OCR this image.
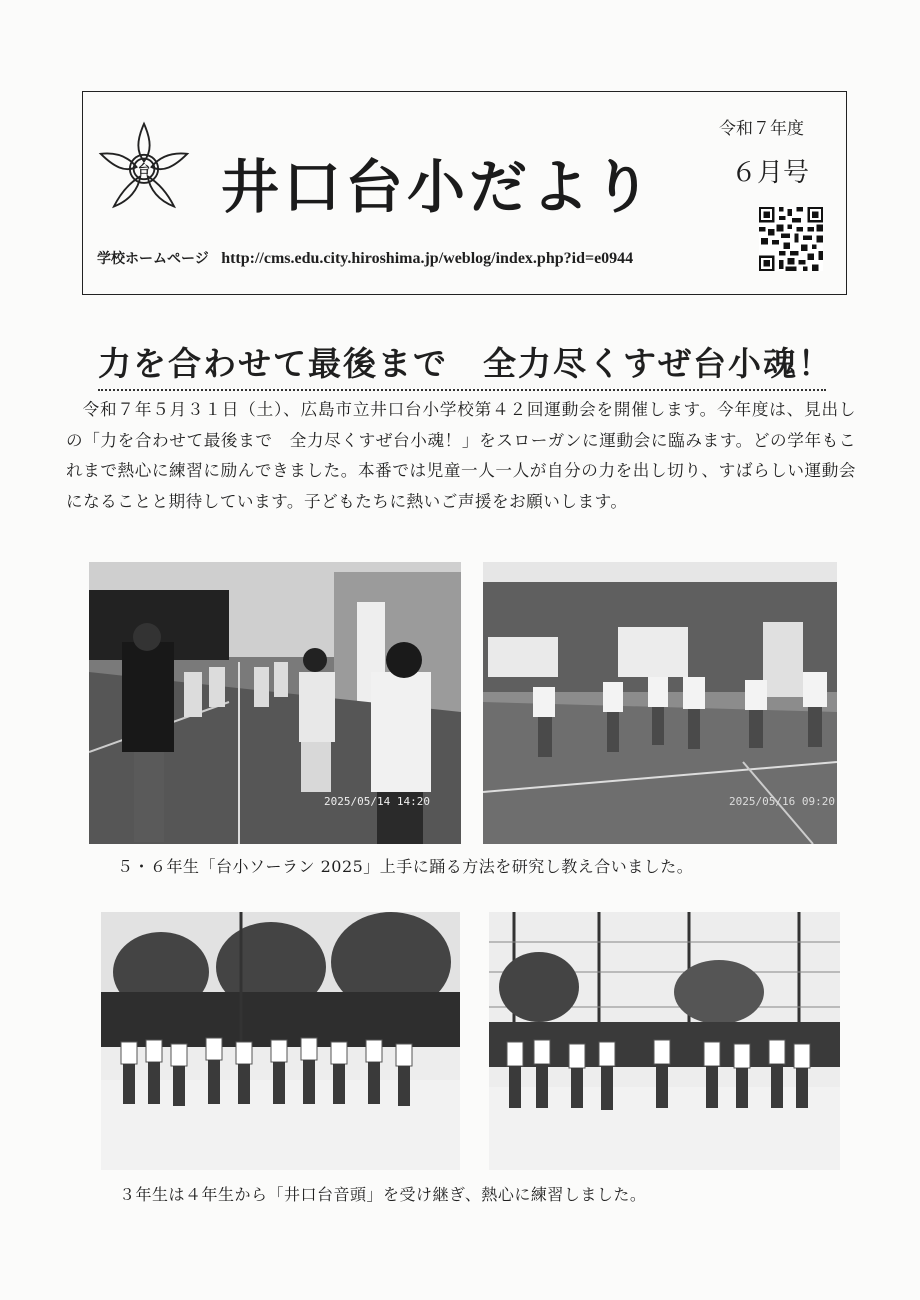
台 井口台小だより
令和７年度
６月号
学校ホームページ http://cms.edu.city.hiroshima.jp/weblog/index.php?id=e0944
力を合わせて最後まで　全力尽くすぜ台小魂！

令和７年５月３１日（土）、広島市立井口台小学校第４２回運動会を開催します。今年度は、見出しの「力を合わせて最後まで　全力尽くすぜ台小魂！」をスローガンに運動会に臨みます。どの学年もこれまで熱心に練習に励んできました。本番では児童一人一人が自分の力を出し切り、すばらしい運動会になることと期待しています。子どもたちに熱いご声援をお願いします。

2025/05/14 14:20	2025/05/16 09:20
５・６年生「台小ソーラン 2025」上手に踊る方法を研究し教え合いました。
３年生は４年生から「井口台音頭」を受け継ぎ、熱心に練習しました。
